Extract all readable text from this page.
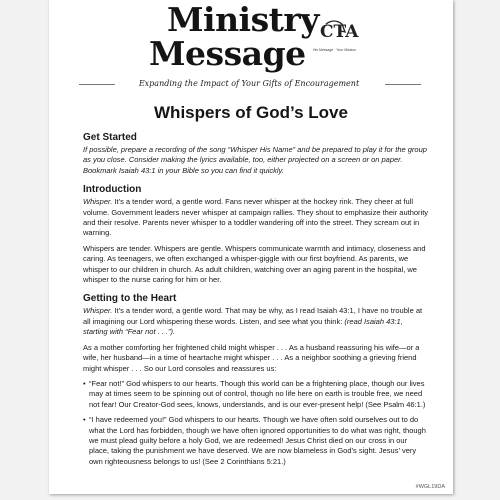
Ministry
Message
CTA
His Message · Your Mission
Expanding the Impact of Your Gifts of Encouragement
Whispers of God’s Love
Get Started

If possible, prepare a recording of the song “Whisper His Name” and be prepared to play it for the group as you close. Consider making the lyrics available, too, either projected on a screen or on paper. Bookmark Isaiah 43:1 in your Bible so you can find it quickly.

Introduction

Whisper. It’s a tender word, a gentle word. Fans never whisper at the hockey rink. They cheer at full volume. Government leaders never whisper at campaign rallies. They shout to emphasize their authority and their resolve. Parents never whisper to a toddler wandering off into the street. They scream out in warning.

Whispers are tender. Whispers are gentle. Whispers communicate warmth and intimacy, closeness and caring. As teenagers, we often exchanged a whisper-giggle with our first boyfriend. As parents, we whisper to our children in church. As adult children, watching over an aging parent in the hospital, we whisper to the nurse caring for him or her.

Getting to the Heart

Whisper. It’s a tender word, a gentle word. That may be why, as I read Isaiah 43:1, I have no trouble at all imagining our Lord whispering these words. Listen, and see what you think: (read Isaiah 43:1, starting with “Fear not . . .”).

As a mother comforting her frightened child might whisper . . . As a husband reassuring his wife—or a wife, her husband—in a time of heartache might whisper . . . As a neighbor soothing a grieving friend might whisper . . . So our Lord consoles and reassures us:

• “Fear not!” God whispers to our hearts. Though this world can be a frightening place, though our lives may at times seem to be spinning out of control, though no life here on earth is trouble free, we need not fear! Our Creator-God sees, knows, understands, and is our ever-present help! (See Psalm 46:1.)

• “I have redeemed you!” God whispers to our hearts. Though we have often sold ourselves out to do what the Lord has forbidden, though we have often ignored opportunities to do what was right, though we must plead guilty before a holy God, we are redeemed! Jesus Christ died on our cross in our place, taking the punishment we have deserved. We are now blameless in God’s sight. Jesus’ very own righteousness belongs to us! (See 2 Corinthians 5:21.)

#WGL19DA
